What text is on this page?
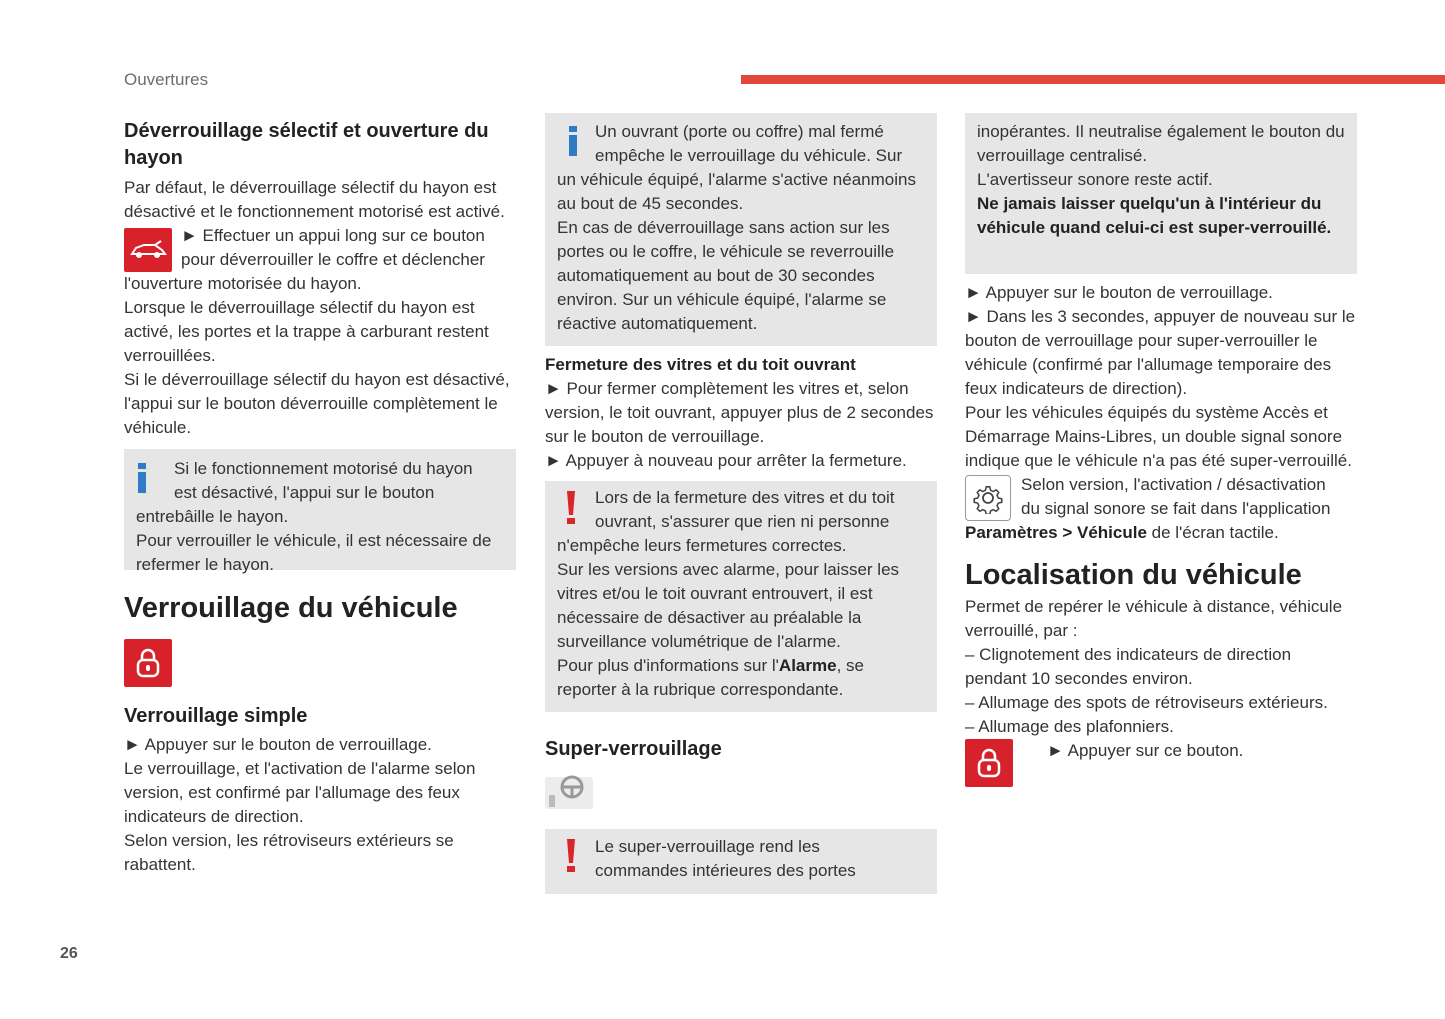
Ouvertures
Déverrouillage sélectif et ouverture du hayon

Par défaut, le déverrouillage sélectif du hayon est désactivé et le fonctionnement motorisé est activé.

► Effectuer un appui long sur ce bouton

pour déverrouiller le coffre et déclencher

l'ouverture motorisée du hayon.

Lorsque le déverrouillage sélectif du hayon est activé, les portes et la trappe à carburant restent verrouillées.

Si le déverrouillage sélectif du hayon est désactivé, l'appui sur le bouton déverrouille complètement le véhicule.

Si le fonctionnement motorisé du hayon

est désactivé, l'appui sur le bouton

entrebâille le hayon.

Pour verrouiller le véhicule, il est nécessaire de refermer le hayon.

Verrouillage du véhicule
Verrouillage simple

► Appuyer sur le bouton de verrouillage.

Le verrouillage, et l'activation de l'alarme selon version, est confirmé par l'allumage des feux indicateurs de direction.

Selon version, les rétroviseurs extérieurs se rabattent.

Un ouvrant (porte ou coffre) mal fermé

empêche le verrouillage du véhicule. Sur

un véhicule équipé, l'alarme s'active néanmoins au bout de 45 secondes.

En cas de déverrouillage sans action sur les portes ou le coffre, le véhicule se reverrouille automatiquement au bout de 30 secondes environ. Sur un véhicule équipé, l'alarme se réactive automatiquement.

Fermeture des vitres et du toit ouvrant

► Pour fermer complètement les vitres et, selon version, le toit ouvrant, appuyer plus de 2 secondes sur le bouton de verrouillage.

► Appuyer à nouveau pour arrêter la fermeture.

Lors de la fermeture des vitres et du toit

ouvrant, s'assurer que rien ni personne

n'empêche leurs fermetures correctes.

Sur les versions avec alarme, pour laisser les vitres et/ou le toit ouvrant entrouvert, il est nécessaire de désactiver au préalable la surveillance volumétrique de l'alarme.

Pour plus d'informations sur l'Alarme, se reporter à la rubrique correspondante.

Super-verrouillage

Le super-verrouillage rend les

commandes intérieures des portes

inopérantes. Il neutralise également le bouton du verrouillage centralisé.

L'avertisseur sonore reste actif.

Ne jamais laisser quelqu'un à l'intérieur du véhicule quand celui-ci est super-verrouillé.

► Appuyer sur le bouton de verrouillage.

► Dans les 3 secondes, appuyer de nouveau sur le bouton de verrouillage pour super-verrouiller le véhicule (confirmé par l'allumage temporaire des feux indicateurs de direction).

Pour les véhicules équipés du système Accès et Démarrage Mains-Libres, un double signal sonore indique que le véhicule n'a pas été super-verrouillé.

Selon version, l'activation / désactivation

du signal sonore se fait dans l'application

Paramètres > Véhicule de l'écran tactile.

Localisation du véhicule

Permet de repérer le véhicule à distance, véhicule verrouillé, par :

– Clignotement des indicateurs de direction pendant 10 secondes environ.

– Allumage des spots de rétroviseurs extérieurs.

– Allumage des plafonniers.

► Appuyer sur ce bouton.

26
